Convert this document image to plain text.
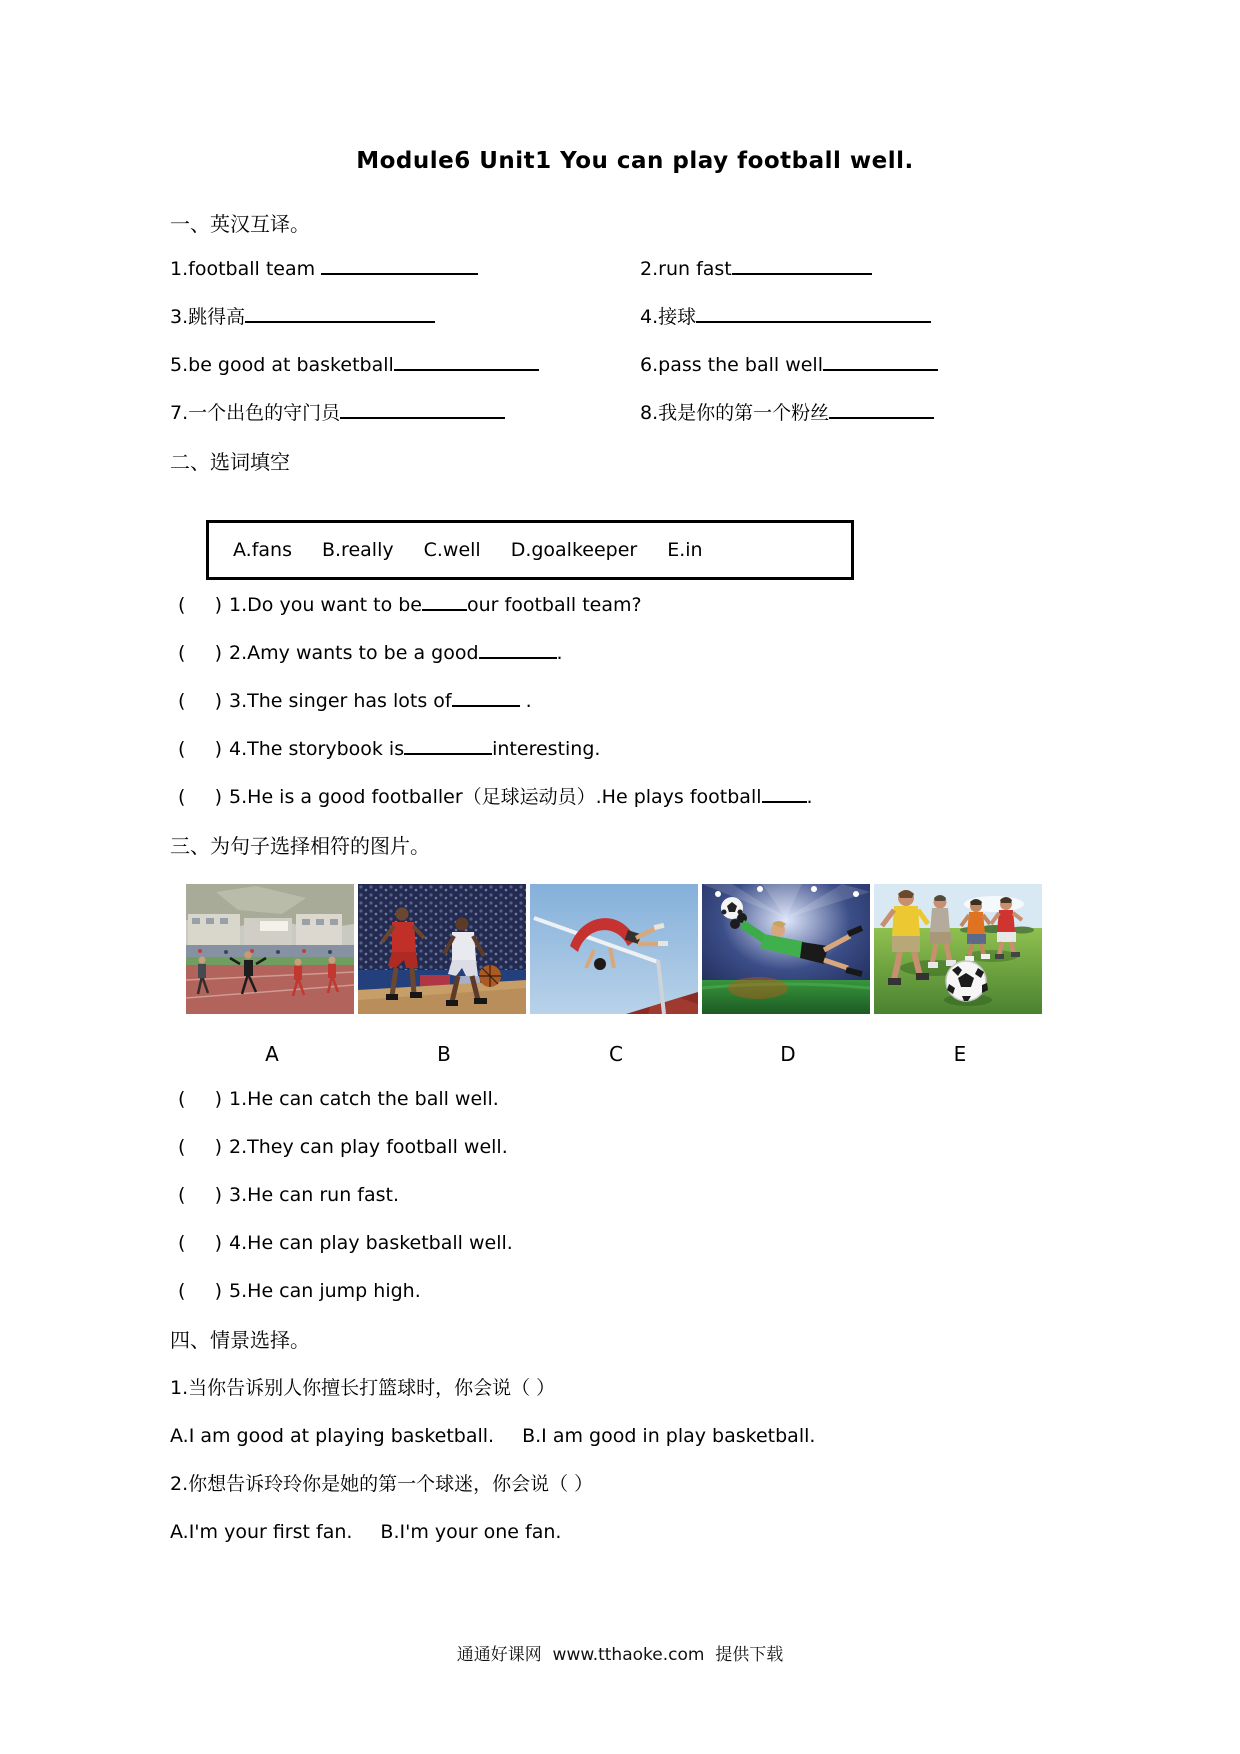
Module6 Unit1 You can play football well.
一、英汉互译。
1.football team	2.run fast
3.跳得高	4.接球
5.be good at basketball	6.pass the ball well
7.一个出色的守门员	8.我是你的第一个粉丝
二、选词填空
A.fans B.really C.well D.goalkeeper E.in
(    ) 1.Do you want to be our football team?
(    ) 2.Amy wants to be a good	.
(    ) 3.The singer has lots of	.
(    ) 4.The storybook is	interesting.
(    ) 5.He is a good footballer（足球运动员）.He plays football .
三、为句子选择相符的图片。
A	B	C	D	E
(    ) 1.He can catch the ball well.
(    ) 2.They can play football well.
(    ) 3.He can run fast.
(    ) 4.He can play basketball well.
(    ) 5.He can jump high.
四、情景选择。
1.当你告诉别人你擅长打篮球时，你会说（ ）
A.I am good at playing basketball. B.I am good in play basketball.
2.你想告诉玲玲你是她的第一个球迷，你会说（ ）
A.I'm your first fan. B.I'm your one fan.
通通好课网  www.tthaoke.com  提供下载
